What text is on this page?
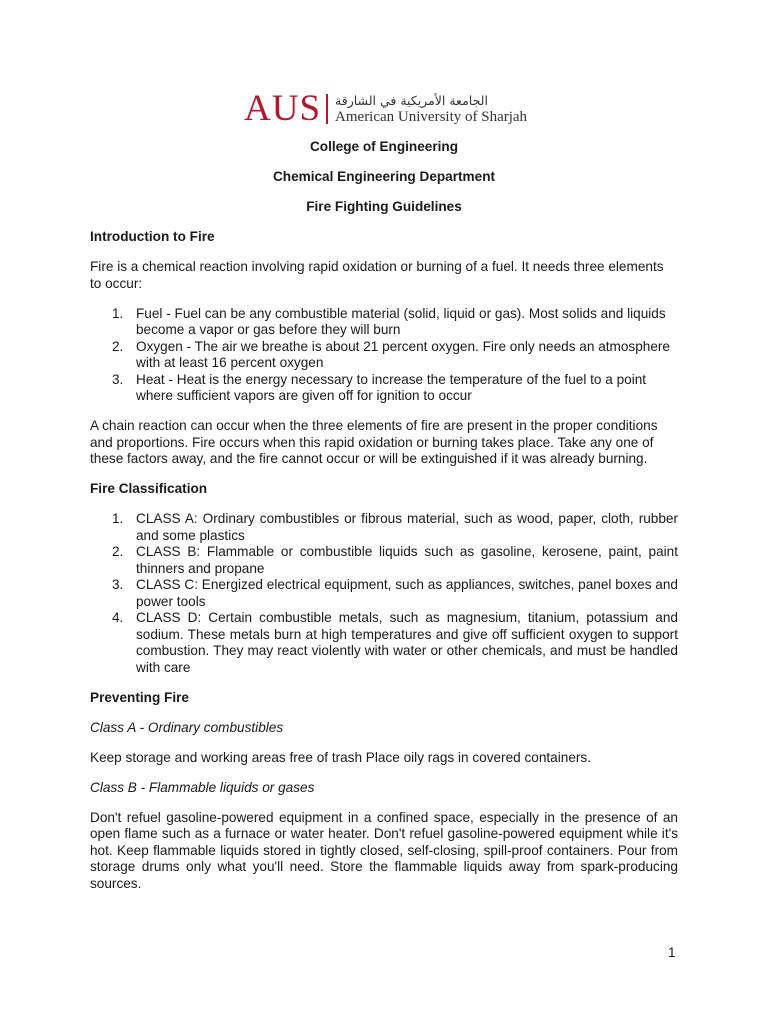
AUS الجامعة الأمريكية في الشارقة
American University of Sharjah

College of Engineering

Chemical Engineering Department

Fire Fighting Guidelines

Introduction to Fire

Fire is a chemical reaction involving rapid oxidation or burning of a fuel. It needs three elements to occur:

1. Fuel - Fuel can be any combustible material (solid, liquid or gas). Most solids and liquids become a vapor or gas before they will burn
2. Oxygen - The air we breathe is about 21 percent oxygen. Fire only needs an atmosphere with at least 16 percent oxygen
3. Heat - Heat is the energy necessary to increase the temperature of the fuel to a point where sufficient vapors are given off for ignition to occur

A chain reaction can occur when the three elements of fire are present in the proper conditions and proportions. Fire occurs when this rapid oxidation or burning takes place. Take any one of these factors away, and the fire cannot occur or will be extinguished if it was already burning.

Fire Classification
1. CLASS A: Ordinary combustibles or fibrous material, such as wood, paper, cloth, rubber and some plastics
2. CLASS B: Flammable or combustible liquids such as gasoline, kerosene, paint, paint thinners and propane
3. CLASS C: Energized electrical equipment, such as appliances, switches, panel boxes and power tools
4. CLASS D: Certain combustible metals, such as magnesium, titanium, potassium and sodium. These metals burn at high temperatures and give off sufficient oxygen to support combustion. They may react violently with water or other chemicals, and must be handled with care
Preventing Fire

Class A - Ordinary combustibles

Keep storage and working areas free of trash Place oily rags in covered containers.

Class B - Flammable liquids or gases

Don't refuel gasoline-powered equipment in a confined space, especially in the presence of an open flame such as a furnace or water heater. Don't refuel gasoline-powered equipment while it's hot. Keep flammable liquids stored in tightly closed, self-closing, spill-proof containers. Pour from storage drums only what you'll need. Store the flammable liquids away from spark-producing sources.

1
